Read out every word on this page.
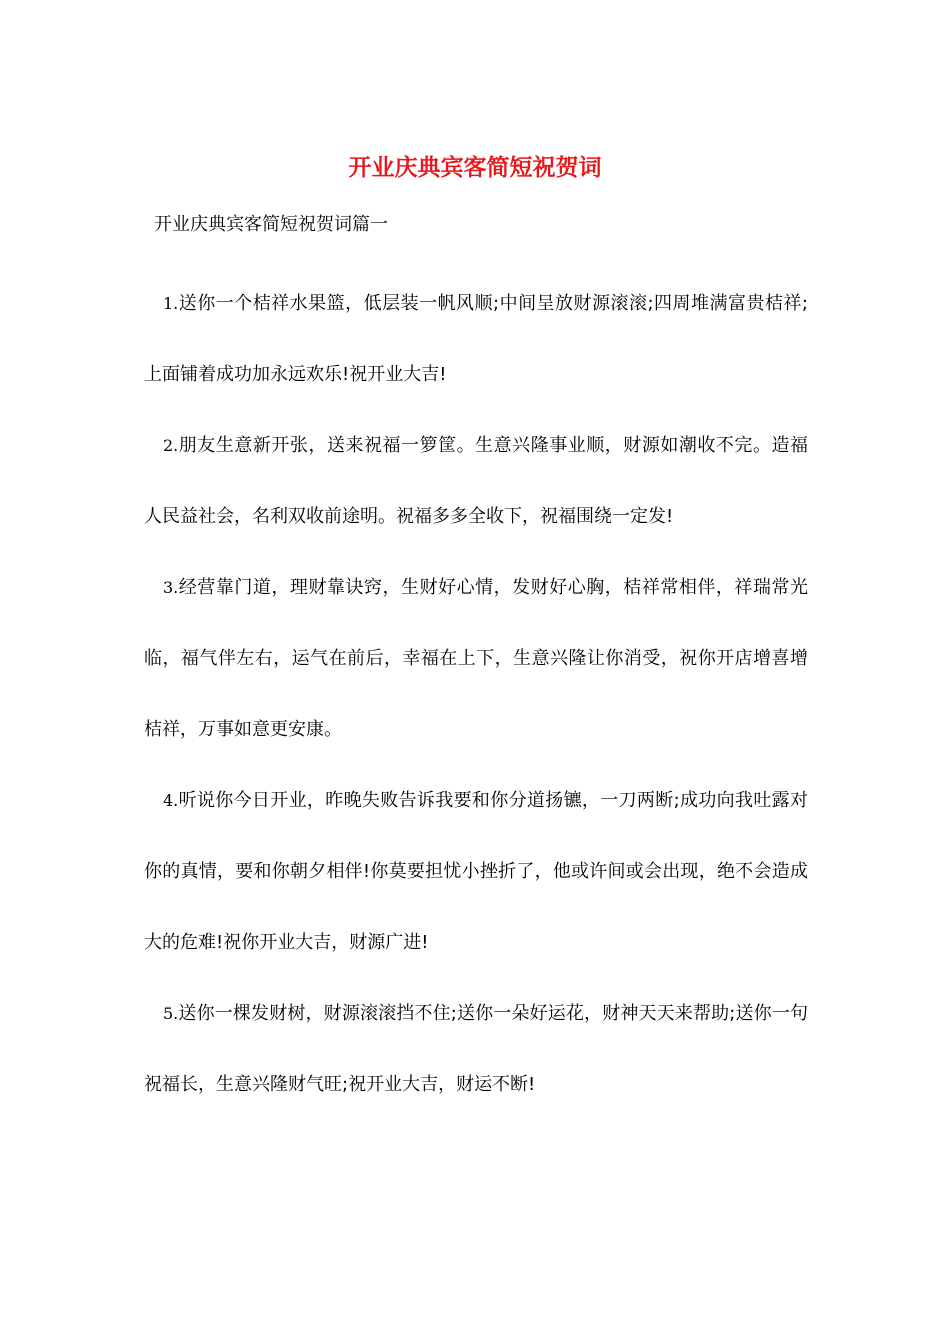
开业庆典宾客简短祝贺词

开业庆典宾客简短祝贺词篇一

1.送你一个桔祥水果篮，低层装一帆风顺;中间呈放财源滚滚;四周堆满富贵桔祥;上面铺着成功加永远欢乐!祝开业大吉!
2.朋友生意新开张，送来祝福一箩筐。生意兴隆事业顺，财源如潮收不完。造福人民益社会，名利双收前途明。祝福多多全收下，祝福围绕一定发!
3.经营靠门道，理财靠诀窍，生财好心情，发财好心胸，桔祥常相伴，祥瑞常光临，福气伴左右，运气在前后，幸福在上下，生意兴隆让你消受，祝你开店增喜增桔祥，万事如意更安康。
4.听说你今日开业，昨晚失败告诉我要和你分道扬镳，一刀两断;成功向我吐露对你的真情，要和你朝夕相伴!你莫要担忧小挫折了，他或许间或会出现，绝不会造成大的危难!祝你开业大吉，财源广进!
5.送你一棵发财树，财源滚滚挡不住;送你一朵好运花，财神天天来帮助;送你一句祝福长，生意兴隆财气旺;祝开业大吉，财运不断!
